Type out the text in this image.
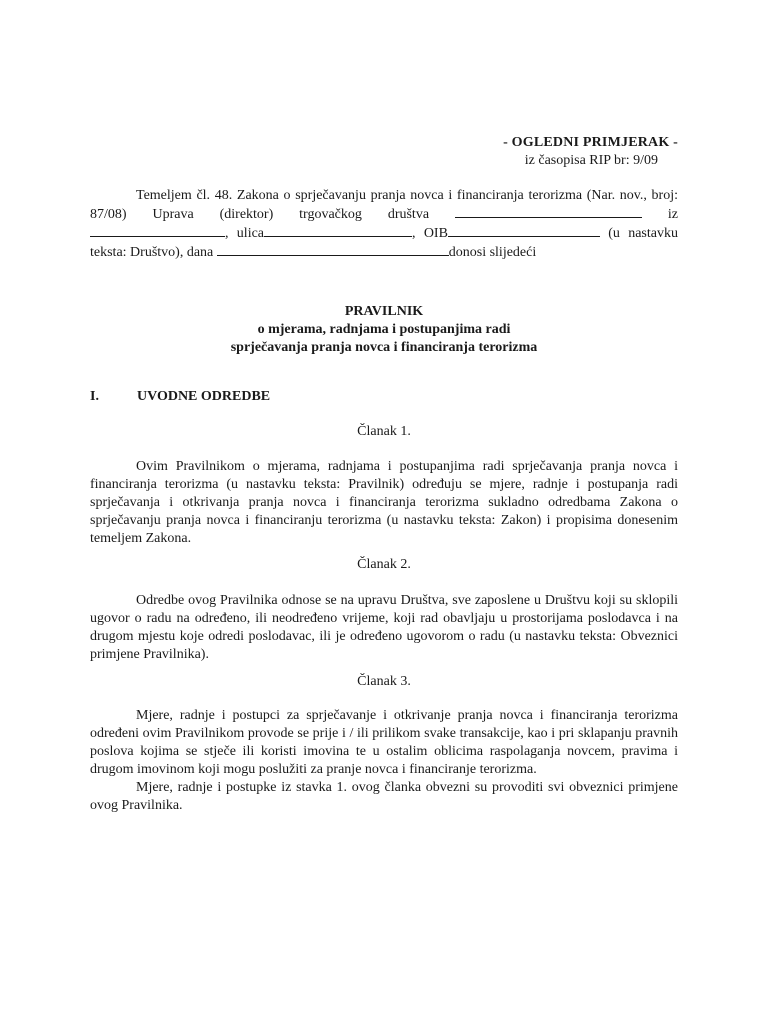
- OGLEDNI PRIMJERAK -
iz časopisa RIP br: 9/09
Temeljem čl. 48. Zakona o sprječavanju pranja novca i financiranja terorizma (Nar. nov., broj: 87/08) Uprava (direktor) trgovačkog društva	iz , ulica	, OIB	(u nastavku teksta: Društvo), dana	donosi slijedeći
PRAVILNIK
o mjerama, radnjama i postupanjima radi
sprječavanja pranja novca i financiranja terorizma
I.	UVODNE ODREDBE
Članak 1.

Ovim Pravilnikom o mjerama, radnjama i postupanjima radi sprječavanja pranja novca i financiranja terorizma (u nastavku teksta: Pravilnik) određuju se mjere, radnje i postupanja radi sprječavanja i otkrivanja pranja novca i financiranja terorizma sukladno odredbama Zakona o sprječavanju pranja novca i financiranju terorizma (u nastavku teksta: Zakon) i propisima donesenim temeljem Zakona.

Članak 2.

Odredbe ovog Pravilnika odnose se na upravu Društva, sve zaposlene u Društvu koji su sklopili ugovor o radu na određeno, ili neodređeno vrijeme, koji rad obavljaju u prostorijama poslodavca i na drugom mjestu koje odredi poslodavac, ili je određeno ugovorom o radu (u nastavku teksta: Obveznici primjene Pravilnika).

Članak 3.

Mjere, radnje i postupci za sprječavanje i otkrivanje pranja novca i financiranja terorizma određeni ovim Pravilnikom provode se prije i / ili prilikom svake transakcije, kao i pri sklapanju pravnih poslova kojima se stječe ili koristi imovina te u ostalim oblicima raspolaganja novcem, pravima i drugom imovinom koji mogu poslužiti za pranje novca i financiranje terorizma.

Mjere, radnje i postupke iz stavka 1. ovog članka obvezni su provoditi svi obveznici primjene ovog Pravilnika.
